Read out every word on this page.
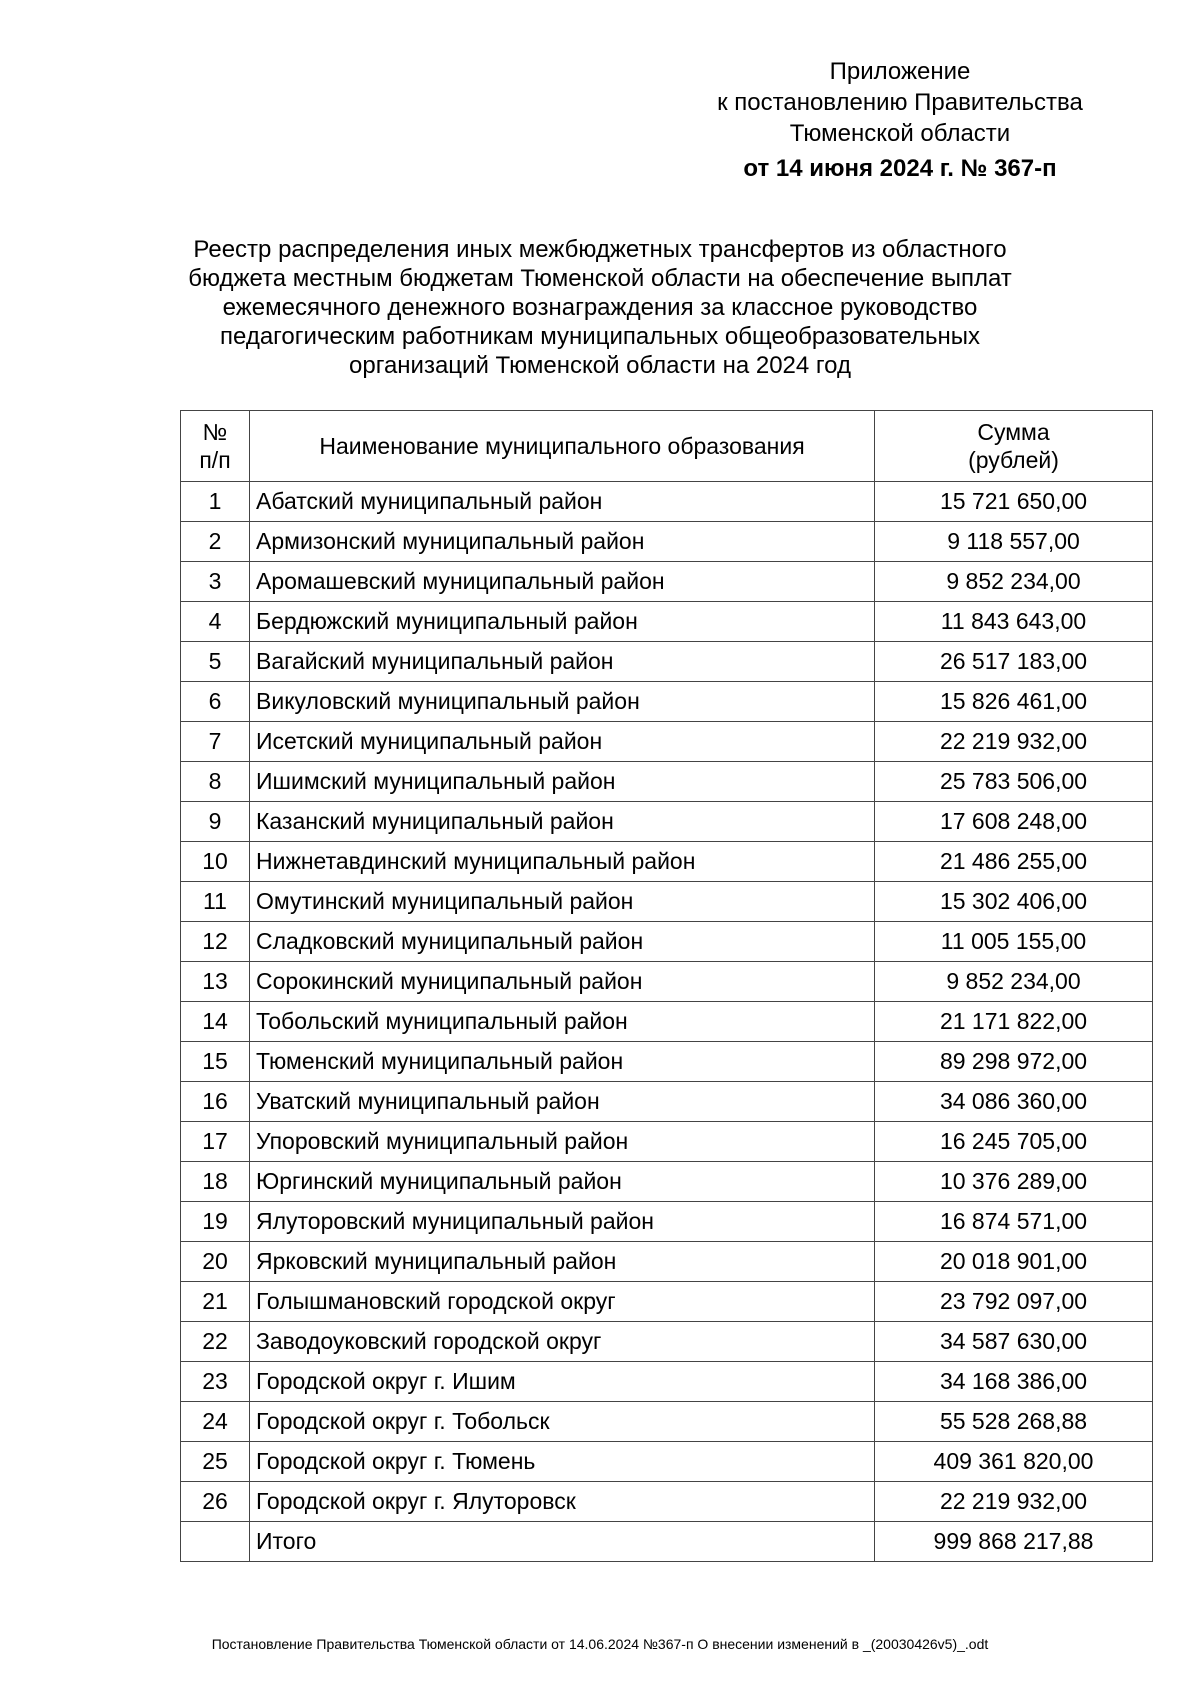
Приложение
к постановлению Правительства
Тюменской области
от 14 июня 2024 г. № 367-п
Реестр распределения иных межбюджетных трансфертов из областного
бюджета местным бюджетам Тюменской области на обеспечение выплат
ежемесячного денежного вознаграждения за классное руководство
педагогическим работникам муниципальных общеобразовательных
организаций Тюменской области на 2024 год
№
п/п	Наименование муниципального образования	Сумма
(рублей)
1	Абатский муниципальный район	15 721 650,00
2	Армизонский муниципальный район	9 118 557,00
3	Аромашевский муниципальный район	9 852 234,00
4	Бердюжский муниципальный район	11 843 643,00
5	Вагайский муниципальный район	26 517 183,00
6	Викуловский муниципальный район	15 826 461,00
7	Исетский муниципальный район	22 219 932,00
8	Ишимский муниципальный район	25 783 506,00
9	Казанский муниципальный район	17 608 248,00
10	Нижнетавдинский муниципальный район	21 486 255,00
11	Омутинский муниципальный район	15 302 406,00
12	Сладковский муниципальный район	11 005 155,00
13	Сорокинский муниципальный район	9 852 234,00
14	Тобольский муниципальный район	21 171 822,00
15	Тюменский муниципальный район	89 298 972,00
16	Уватский муниципальный район	34 086 360,00
17	Упоровский муниципальный район	16 245 705,00
18	Юргинский муниципальный район	10 376 289,00
19	Ялуторовский муниципальный район	16 874 571,00
20	Ярковский муниципальный район	20 018 901,00
21	Голышмановский городской округ	23 792 097,00
22	Заводоуковский городской округ	34 587 630,00
23	Городской округ г. Ишим	34 168 386,00
24	Городской округ г. Тобольск	55 528 268,88
25	Городской округ г. Тюмень	409 361 820,00
26	Городской округ г. Ялуторовск	22 219 932,00
	Итого	999 868 217,88
Постановление Правительства Тюменской области от 14.06.2024 №367-п О внесении изменений в _(20030426v5)_.odt
